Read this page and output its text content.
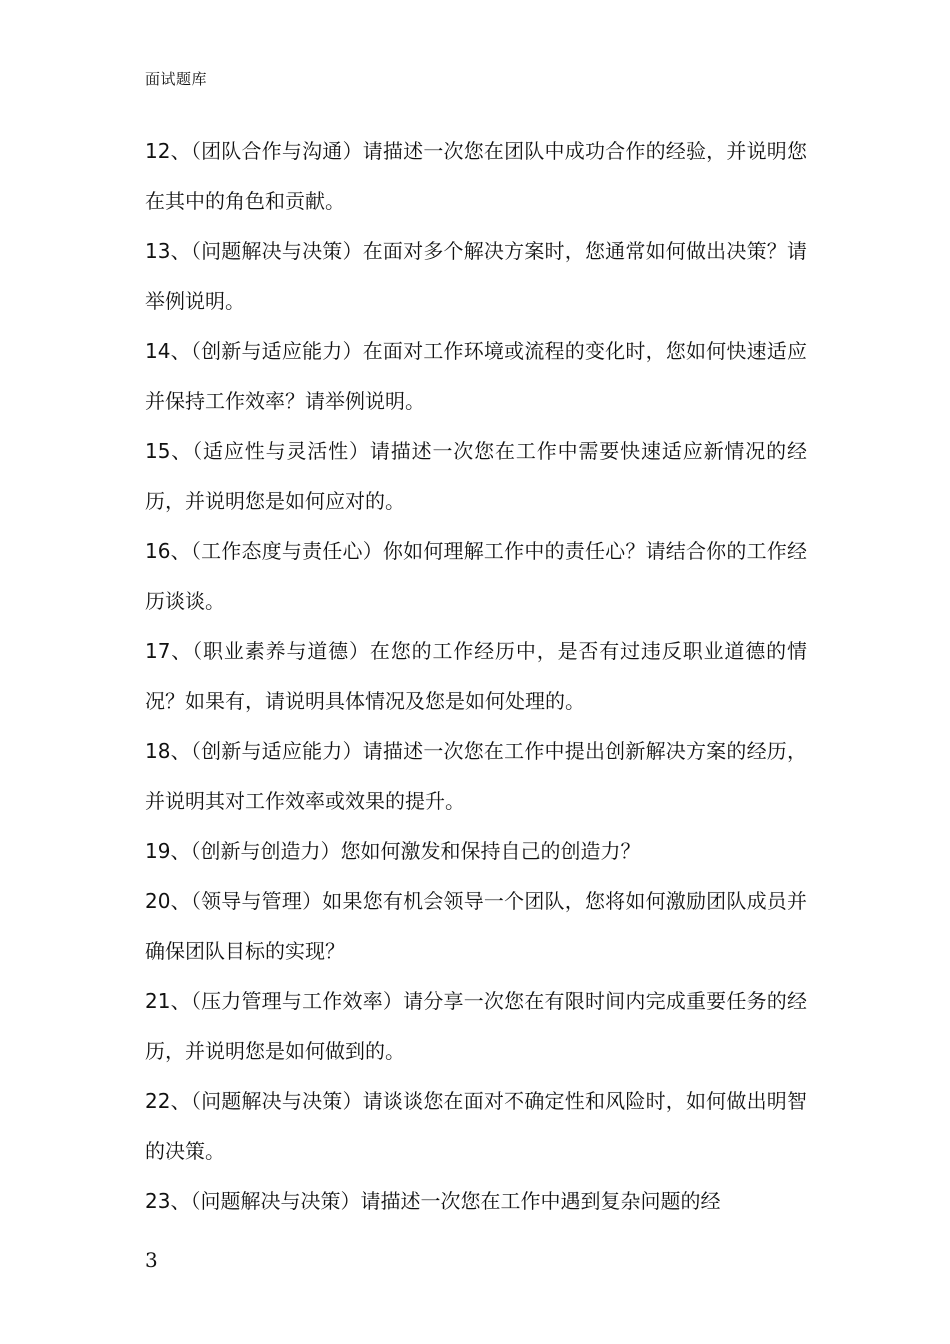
面试题库
12、（团队合作与沟通）请描述一次您在团队中成功合作的经验，并说明您在其中的角色和贡献。
13、（问题解决与决策）在面对多个解决方案时，您通常如何做出决策？请举例说明。
14、（创新与适应能力）在面对工作环境或流程的变化时，您如何快速适应并保持工作效率？请举例说明。
15、（适应性与灵活性）请描述一次您在工作中需要快速适应新情况的经历，并说明您是如何应对的。
16、（工作态度与责任心）你如何理解工作中的责任心？请结合你的工作经历谈谈。
17、（职业素养与道德）在您的工作经历中，是否有过违反职业道德的情况？如果有，请说明具体情况及您是如何处理的。
18、（创新与适应能力）请描述一次您在工作中提出创新解决方案的经历，并说明其对工作效率或效果的提升。
19、（创新与创造力）您如何激发和保持自己的创造力？
20、（领导与管理）如果您有机会领导一个团队，您将如何激励团队成员并确保团队目标的实现？
21、（压力管理与工作效率）请分享一次您在有限时间内完成重要任务的经历，并说明您是如何做到的。
22、（问题解决与决策）请谈谈您在面对不确定性和风险时，如何做出明智的决策。
23、（问题解决与决策）请描述一次您在工作中遇到复杂问题的经
3
